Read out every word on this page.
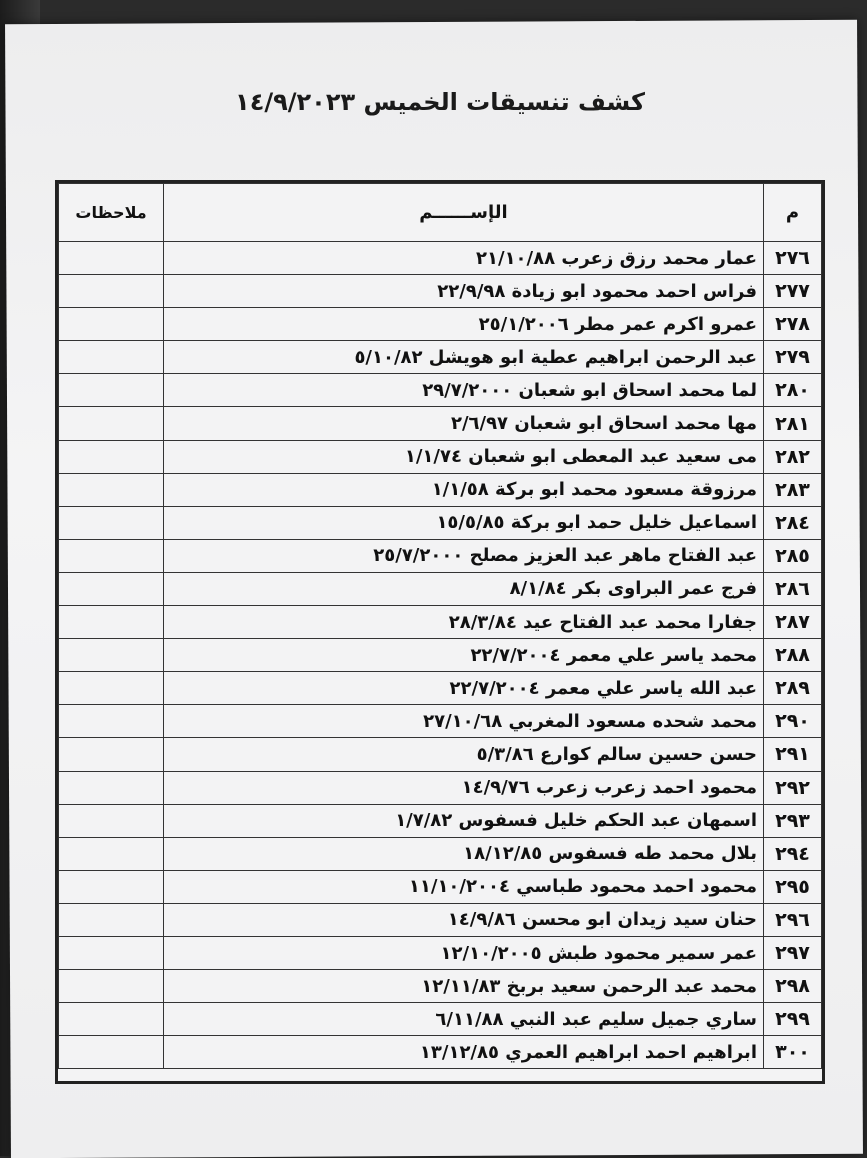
كشف تنسيقات الخميس ١٤/٩/٢٠٢٣
م	الإســــــم	ملاحظات
٢٧٦	عمار محمد رزق زعرب ٢١/١٠/٨٨	
٢٧٧	فراس احمد محمود ابو زيادة ٢٢/٩/٩٨	
٢٧٨	عمرو اكرم عمر مطر ٢٥/١/٢٠٠٦	
٢٧٩	عبد الرحمن ابراهيم عطية ابو هويشل ٥/١٠/٨٢	
٢٨٠	لما محمد اسحاق ابو شعبان ٢٩/٧/٢٠٠٠	
٢٨١	مها محمد اسحاق ابو شعبان ٢/٦/٩٧	
٢٨٢	مى سعيد عبد المعطى ابو شعبان ١/١/٧٤	
٢٨٣	مرزوقة مسعود محمد ابو بركة ١/١/٥٨	
٢٨٤	اسماعيل خليل حمد ابو بركة ١٥/٥/٨٥	
٢٨٥	عبد الفتاح ماهر عبد العزيز مصلح ٢٥/٧/٢٠٠٠	
٢٨٦	فرج عمر البراوى بكر ٨/١/٨٤	
٢٨٧	جفارا محمد عبد الفتاح عيد ٢٨/٣/٨٤	
٢٨٨	محمد ياسر علي معمر ٢٢/٧/٢٠٠٤	
٢٨٩	عبد الله ياسر علي معمر ٢٢/٧/٢٠٠٤	
٢٩٠	محمد شحده مسعود المغربي ٢٧/١٠/٦٨	
٢٩١	حسن حسين سالم كوارع ٥/٣/٨٦	
٢٩٢	محمود احمد زعرب زعرب ١٤/٩/٧٦	
٢٩٣	اسمهان عبد الحكم خليل فسفوس ١/٧/٨٢	
٢٩٤	بلال محمد طه فسفوس ١٨/١٢/٨٥	
٢٩٥	محمود احمد محمود طباسي ١١/١٠/٢٠٠٤	
٢٩٦	حنان سيد زيدان ابو محسن ١٤/٩/٨٦	
٢٩٧	عمر سمير محمود طبش ١٢/١٠/٢٠٠٥	
٢٩٨	محمد عبد الرحمن سعيد بربخ ١٢/١١/٨٣	
٢٩٩	ساري جميل سليم عبد النبي ٦/١١/٨٨	
٣٠٠	ابراهيم احمد ابراهيم العمري ١٣/١٢/٨٥	
